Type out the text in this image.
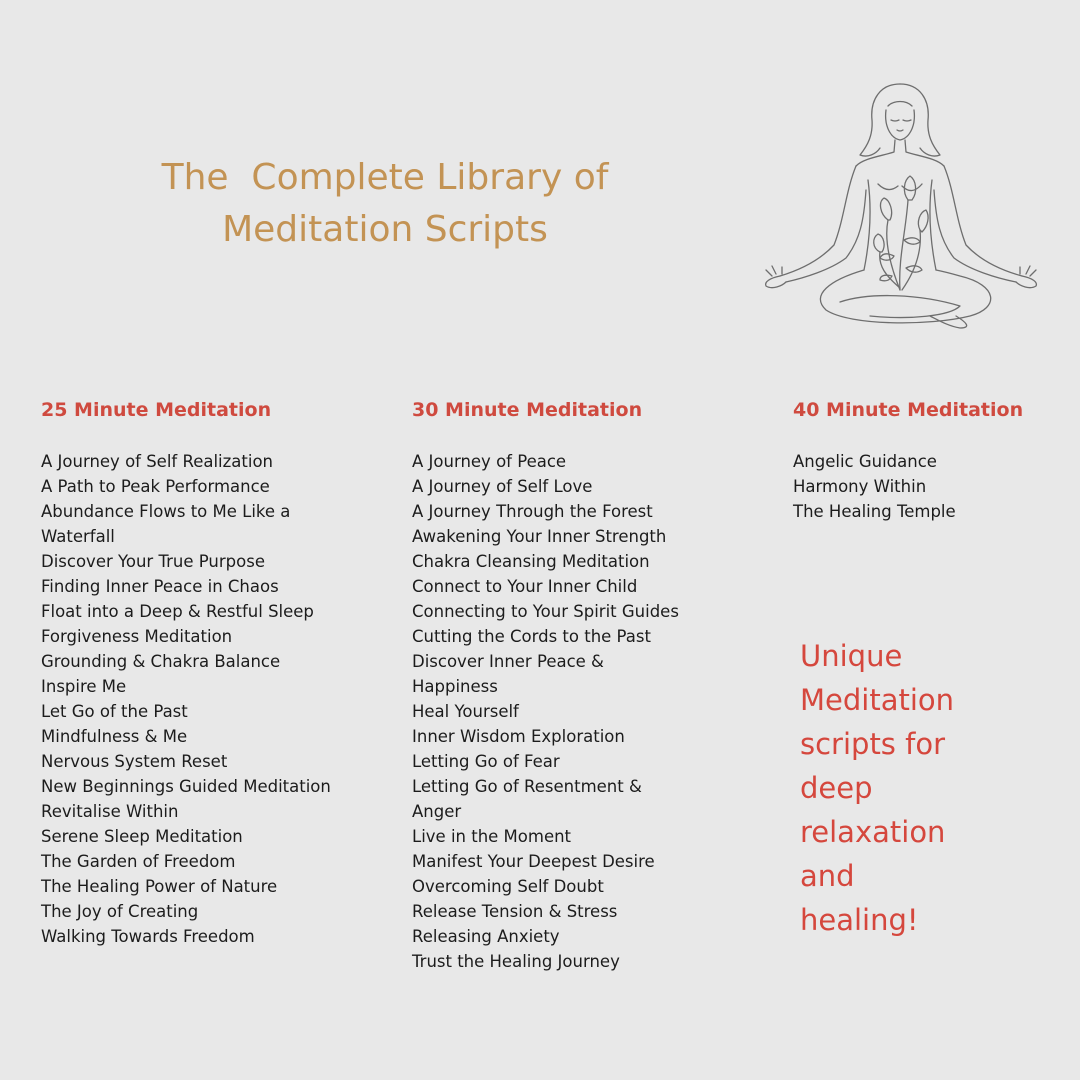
The  Complete Library of
Meditation Scripts
25 Minute Meditation
A Journey of Self Realization
A Path to Peak Performance
Abundance Flows to Me Like a
Waterfall
Discover Your True Purpose
Finding Inner Peace in Chaos
Float into a Deep & Restful Sleep
Forgiveness Meditation
Grounding & Chakra Balance
Inspire Me
Let Go of the Past
Mindfulness & Me
Nervous System Reset
New Beginnings Guided Meditation
Revitalise Within
Serene Sleep Meditation
The Garden of Freedom
The Healing Power of Nature
The Joy of Creating
Walking Towards Freedom
30 Minute Meditation
A Journey of Peace
A Journey of Self Love
A Journey Through the Forest
Awakening Your Inner Strength
Chakra Cleansing Meditation
Connect to Your Inner Child
Connecting to Your Spirit Guides
Cutting the Cords to the Past
Discover Inner Peace &
Happiness
Heal Yourself
Inner Wisdom Exploration
Letting Go of Fear
Letting Go of Resentment &
Anger
Live in the Moment
Manifest Your Deepest Desire
Overcoming Self Doubt
Release Tension & Stress
Releasing Anxiety
Trust the Healing Journey
40 Minute Meditation
Angelic Guidance
Harmony Within
The Healing Temple
Unique
Meditation
scripts for
deep
relaxation
and
healing!
